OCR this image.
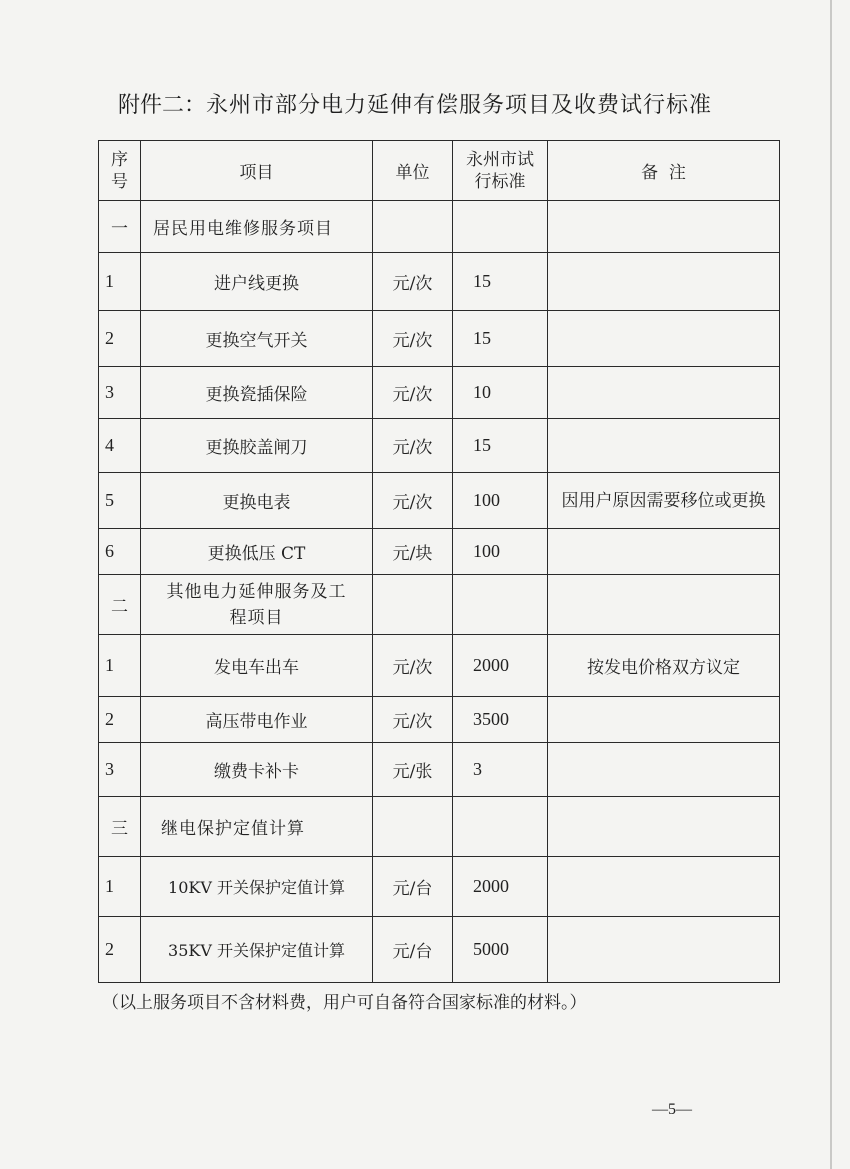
附件二：永州市部分电力延伸有偿服务项目及收费试行标准
序号	项目	单位	永州市试行标准	备  注
一	居民用电维修服务项目			
1	进户线更换	元/次	15	
2	更换空气开关	元/次	15	
3	更换瓷插保险	元/次	10	
4	更换胶盖闸刀	元/次	15	
5	更换电表	元/次	100	因用户原因需要移位或更换
6	更换低压 CT	元/块	100	
二	其他电力延伸服务及工程项目			
1	发电车出车	元/次	2000	按发电价格双方议定
2	高压带电作业	元/次	3500	
3	缴费卡补卡	元/张	3	
三	继电保护定值计算			
1	10KV 开关保护定值计算	元/台	2000	
2	35KV 开关保护定值计算	元/台	5000	
（以上服务项目不含材料费，用户可自备符合国家标准的材料。）
—5—
